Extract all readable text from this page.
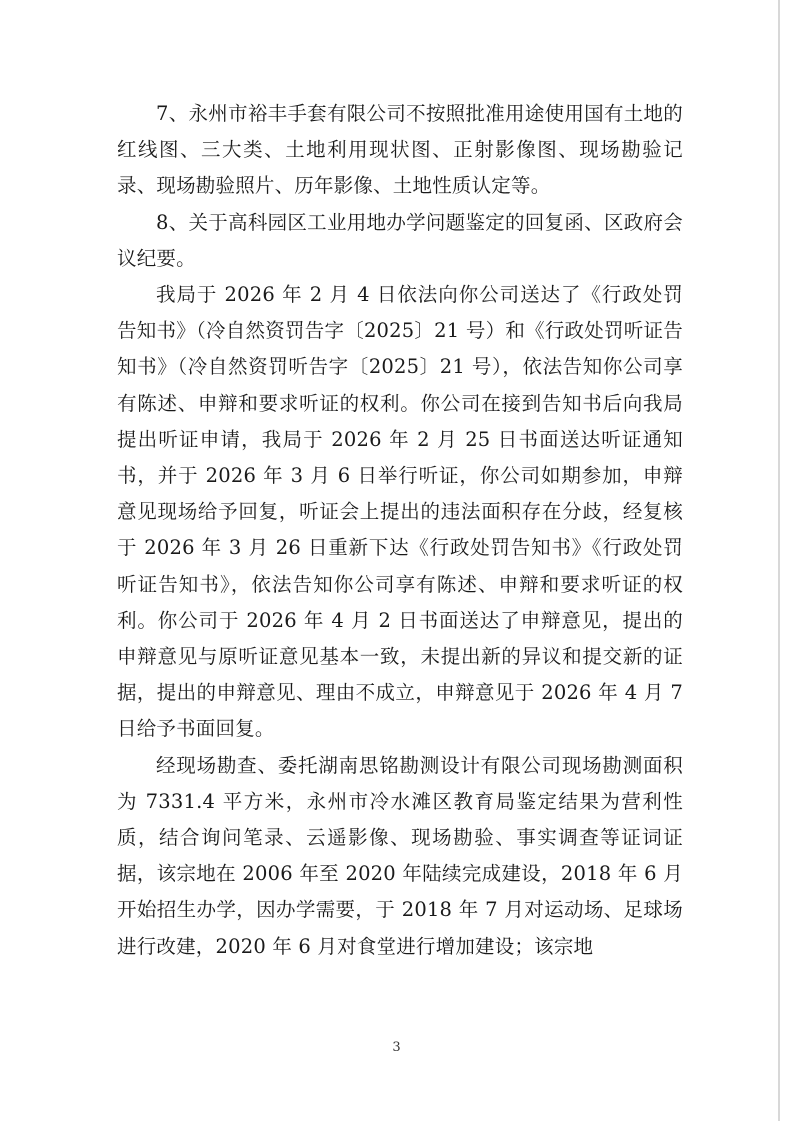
7、永州市裕丰手套有限公司不按照批准用途使用国有土地的红线图、三大类、土地利用现状图、正射影像图、现场勘验记录、现场勘验照片、历年影像、土地性质认定等。

8、关于高科园区工业用地办学问题鉴定的回复函、区政府会议纪要。

我局于 2026 年 2 月 4 日依法向你公司送达了《行政处罚告知书》（冷自然资罚告字〔2025〕21 号）和《行政处罚听证告知书》（冷自然资罚听告字〔2025〕21 号），依法告知你公司享有陈述、申辩和要求听证的权利。你公司在接到告知书后向我局提出听证申请，我局于 2026 年 2 月 25 日书面送达听证通知书，并于 2026 年 3 月 6 日举行听证，你公司如期参加，申辩意见现场给予回复，听证会上提出的违法面积存在分歧，经复核于 2026 年 3 月 26 日重新下达《行政处罚告知书》《行政处罚听证告知书》，依法告知你公司享有陈述、申辩和要求听证的权利。你公司于 2026 年 4 月 2 日书面送达了申辩意见，提出的申辩意见与原听证意见基本一致，未提出新的异议和提交新的证据，提出的申辩意见、理由不成立，申辩意见于 2026 年 4 月 7 日给予书面回复。

经现场勘查、委托湖南思铭勘测设计有限公司现场勘测面积为 7331.4 平方米，永州市冷水滩区教育局鉴定结果为营利性质，结合询问笔录、云遥影像、现场勘验、事实调查等证词证据，该宗地在 2006 年至 2020 年陆续完成建设，2018 年 6 月开始招生办学，因办学需要，于 2018 年 7 月对运动场、足球场进行改建，2020 年 6 月对食堂进行增加建设；该宗地

3
